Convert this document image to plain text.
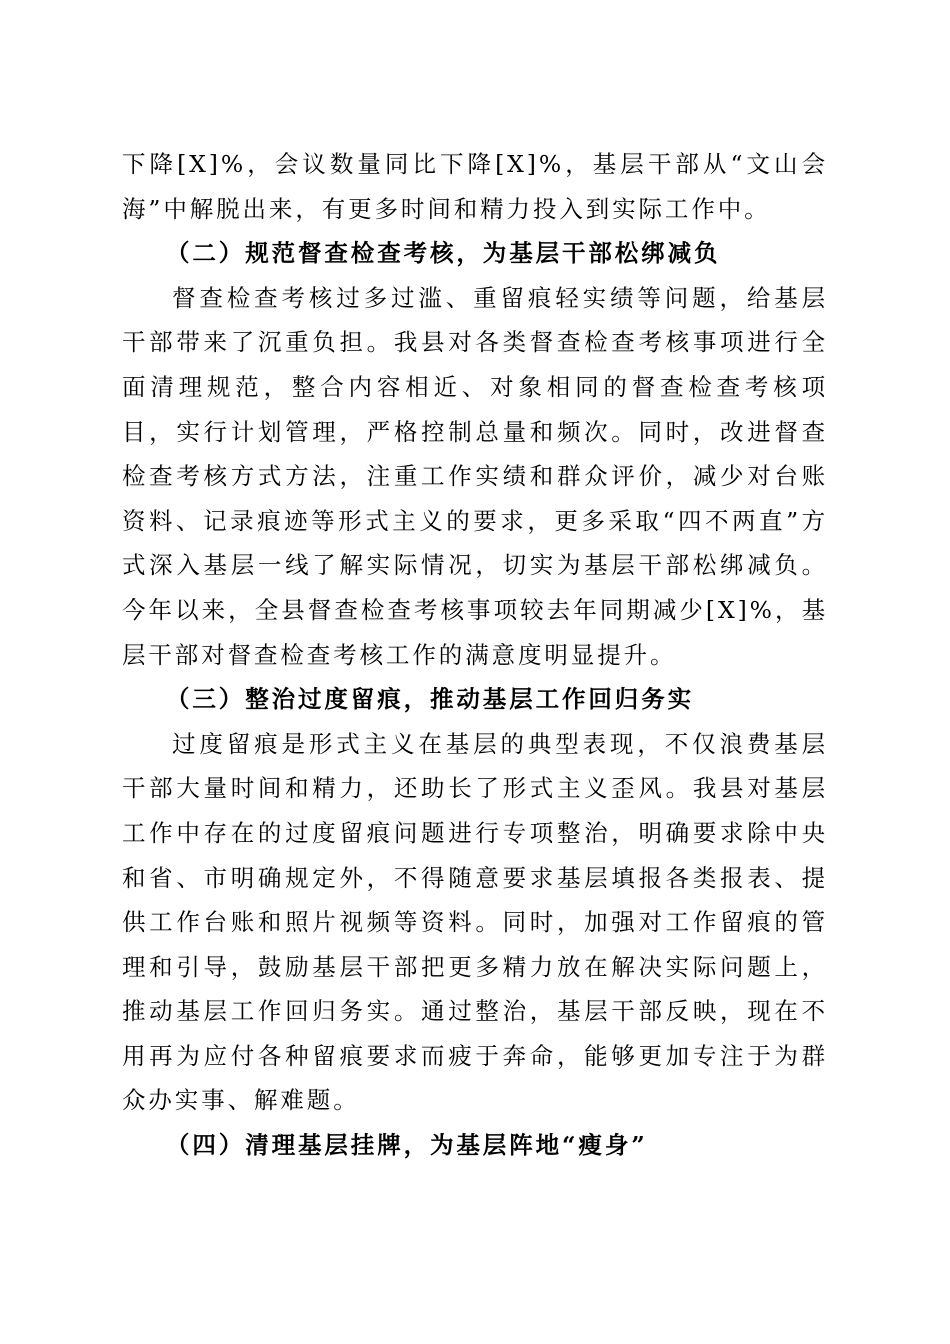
下降[X]%，会议数量同比下降[X]%，基层干部从“文山会海”中解脱出来，有更多时间和精力投入到实际工作中。

（二）规范督查检查考核，为基层干部松绑减负

督查检查考核过多过滥、重留痕轻实绩等问题，给基层干部带来了沉重负担。我县对各类督查检查考核事项进行全面清理规范，整合内容相近、对象相同的督查检查考核项目，实行计划管理，严格控制总量和频次。同时，改进督查检查考核方式方法，注重工作实绩和群众评价，减少对台账资料、记录痕迹等形式主义的要求，更多采取“四不两直”方式深入基层一线了解实际情况，切实为基层干部松绑减负。今年以来，全县督查检查考核事项较去年同期减少[X]%，基层干部对督查检查考核工作的满意度明显提升。

（三）整治过度留痕，推动基层工作回归务实

过度留痕是形式主义在基层的典型表现，不仅浪费基层干部大量时间和精力，还助长了形式主义歪风。我县对基层工作中存在的过度留痕问题进行专项整治，明确要求除中央和省、市明确规定外，不得随意要求基层填报各类报表、提供工作台账和照片视频等资料。同时，加强对工作留痕的管理和引导，鼓励基层干部把更多精力放在解决实际问题上，推动基层工作回归务实。通过整治，基层干部反映，现在不用再为应付各种留痕要求而疲于奔命，能够更加专注于为群众办实事、解难题。

（四）清理基层挂牌，为基层阵地“瘦身”
